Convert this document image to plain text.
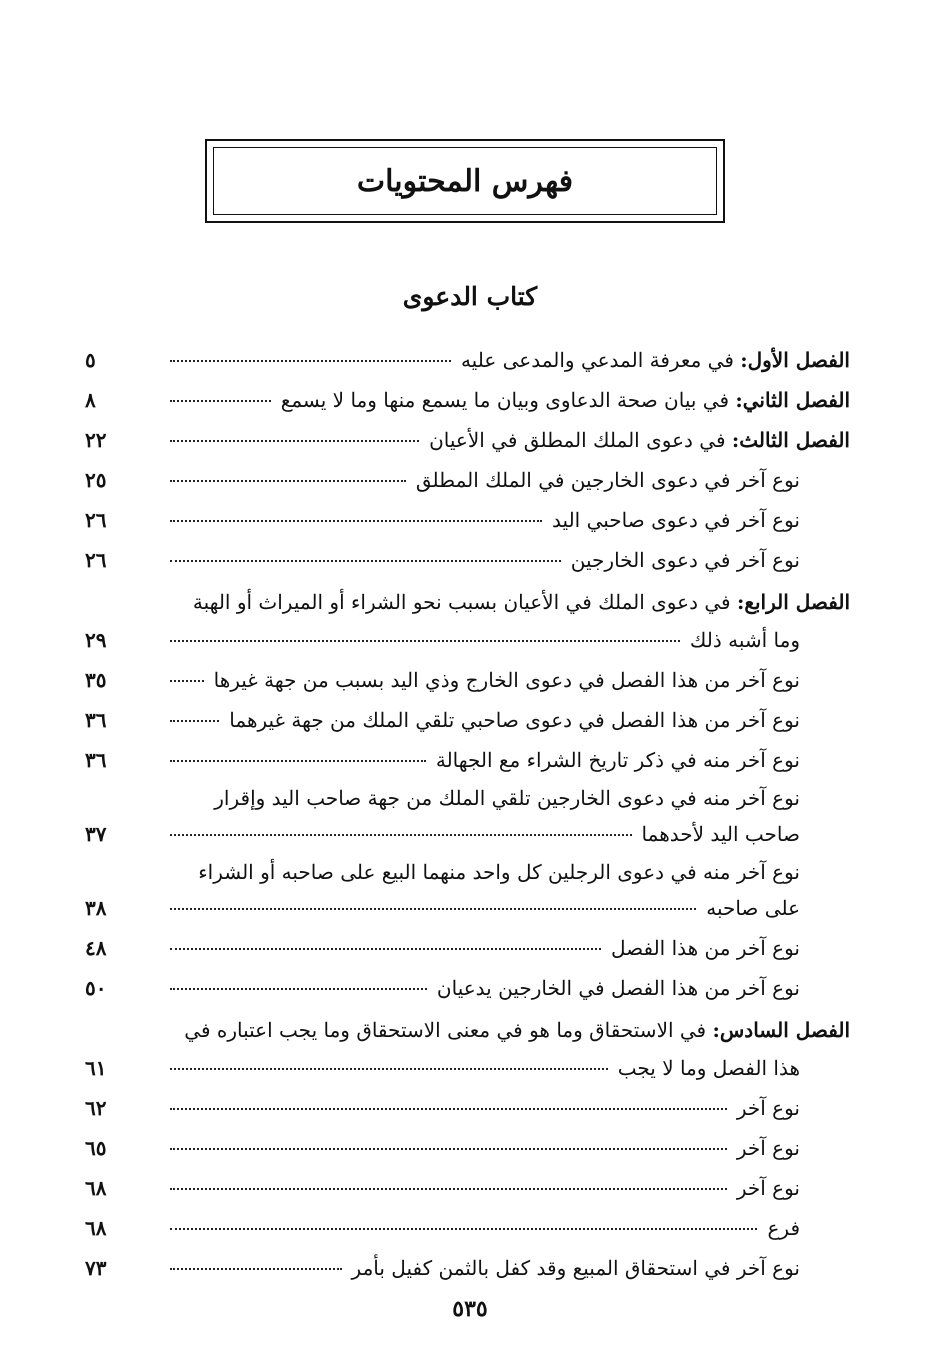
فهرس المحتويات
كتاب الدعوى
الفصل الأول: في معرفة المدعي والمدعى عليه
٥
الفصل الثاني: في بيان صحة الدعاوى وبيان ما يسمع منها وما لا يسمع
٨
الفصل الثالث: في دعوى الملك المطلق في الأعيان
٢٢
نوع آخر في دعوى الخارجين في الملك المطلق
٢٥
نوع آخر في دعوى صاحبي اليد
٢٦
نوع آخر في دعوى الخارجين
٢٦
الفصل الرابع: في دعوى الملك في الأعيان بسبب نحو الشراء أو الميراث أو الهبة
وما أشبه ذلك
٢٩
نوع آخر من هذا الفصل في دعوى الخارج وذي اليد بسبب من جهة غيرها
٣٥
نوع آخر من هذا الفصل في دعوى صاحبي تلقي الملك من جهة غيرهما
٣٦
نوع آخر منه في ذكر تاريخ الشراء مع الجهالة
٣٦
نوع آخر منه في دعوى الخارجين تلقي الملك من جهة صاحب اليد وإقرار
صاحب اليد لأحدهما
٣٧
نوع آخر منه في دعوى الرجلين كل واحد منهما البيع على صاحبه أو الشراء
على صاحبه
٣٨
نوع آخر من هذا الفصل
٤٨
نوع آخر من هذا الفصل في الخارجين يدعيان
٥٠
الفصل السادس: في الاستحقاق وما هو في معنى الاستحقاق وما يجب اعتباره في
هذا الفصل وما لا يجب
٦١
نوع آخر
٦٢
نوع آخر
٦٥
نوع آخر
٦٨
فرع
٦٨
نوع آخر في استحقاق المبيع وقد كفل بالثمن كفيل بأمر
٧٣
٥٣٥
